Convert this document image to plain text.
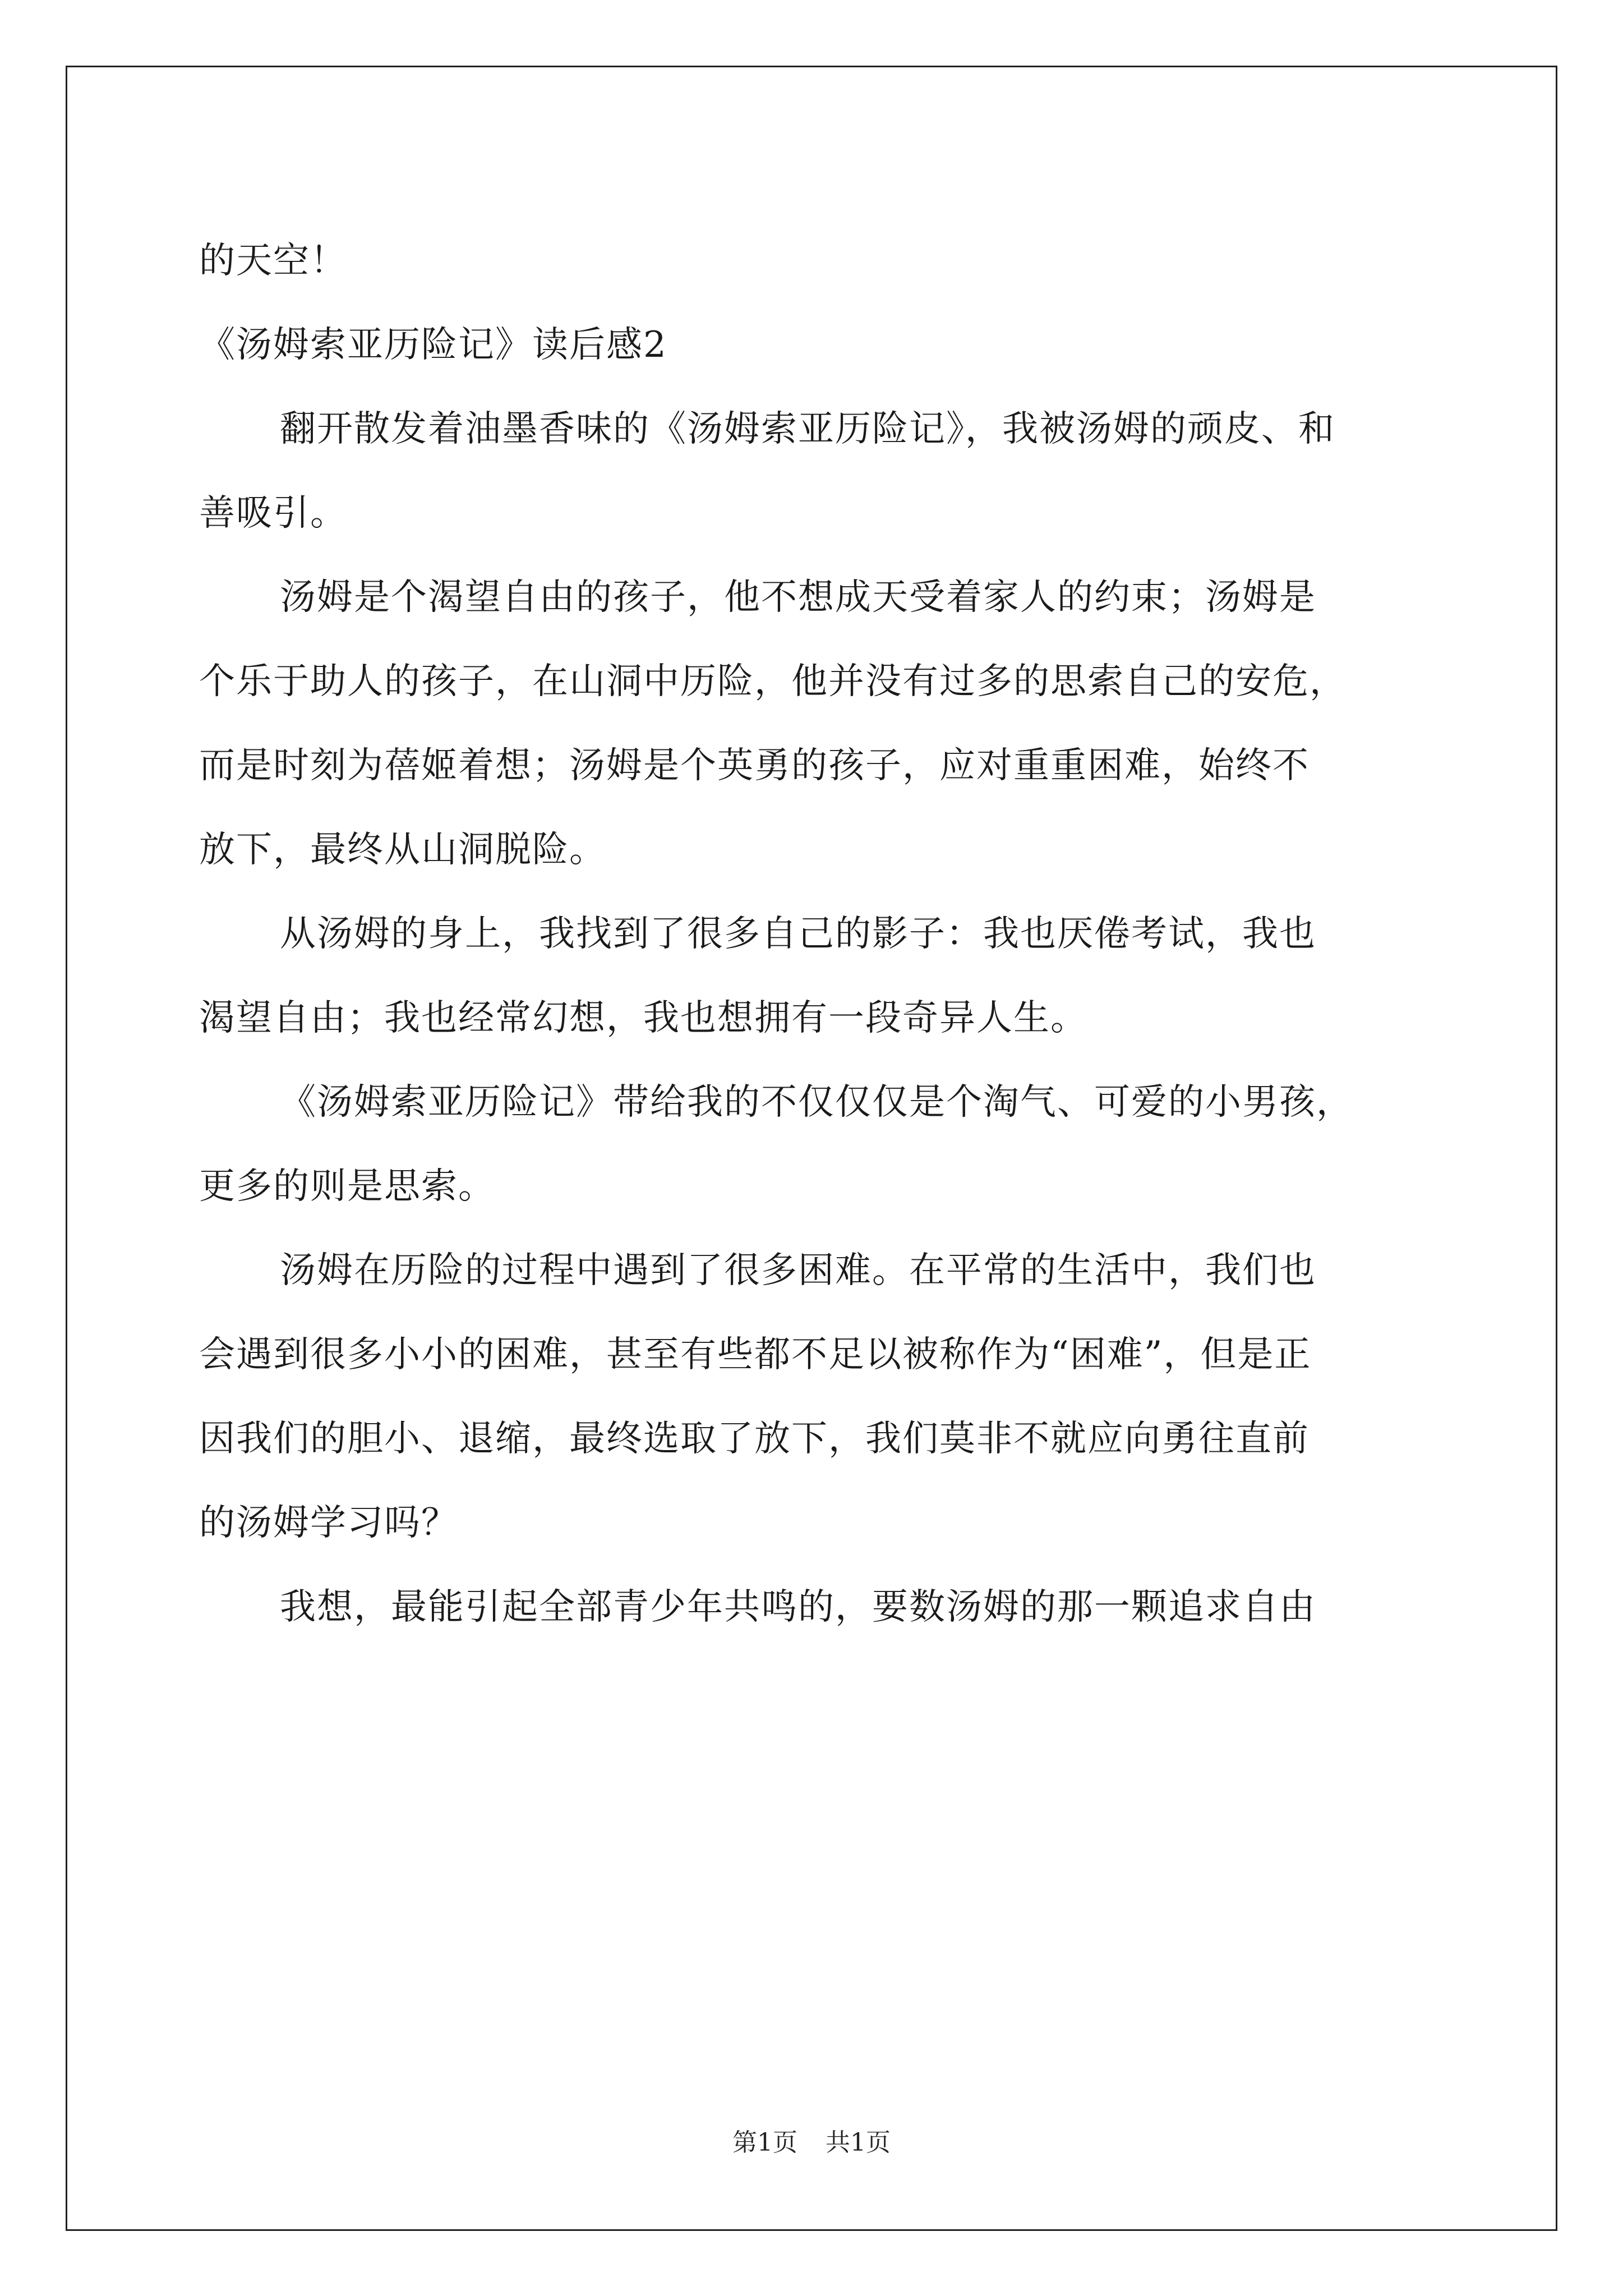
的天空！
《汤姆索亚历险记》读后感2
翻开散发着油墨香味的《汤姆索亚历险记》，我被汤姆的顽皮、和
善吸引。
汤姆是个渴望自由的孩子，他不想成天受着家人的约束；汤姆是
个乐于助人的孩子，在山洞中历险，他并没有过多的思索自己的安危，
而是时刻为蓓姬着想；汤姆是个英勇的孩子，应对重重困难，始终不
放下，最终从山洞脱险。
从汤姆的身上，我找到了很多自己的影子：我也厌倦考试，我也
渴望自由；我也经常幻想，我也想拥有一段奇异人生。
《汤姆索亚历险记》带给我的不仅仅仅是个淘气、可爱的小男孩，
更多的则是思索。
汤姆在历险的过程中遇到了很多困难。在平常的生活中，我们也
会遇到很多小小的困难，甚至有些都不足以被称作为“困难”，但是正
因我们的胆小、退缩，最终选取了放下，我们莫非不就应向勇往直前
的汤姆学习吗？
我想，最能引起全部青少年共鸣的，要数汤姆的那一颗追求自由
第1页 共1页
